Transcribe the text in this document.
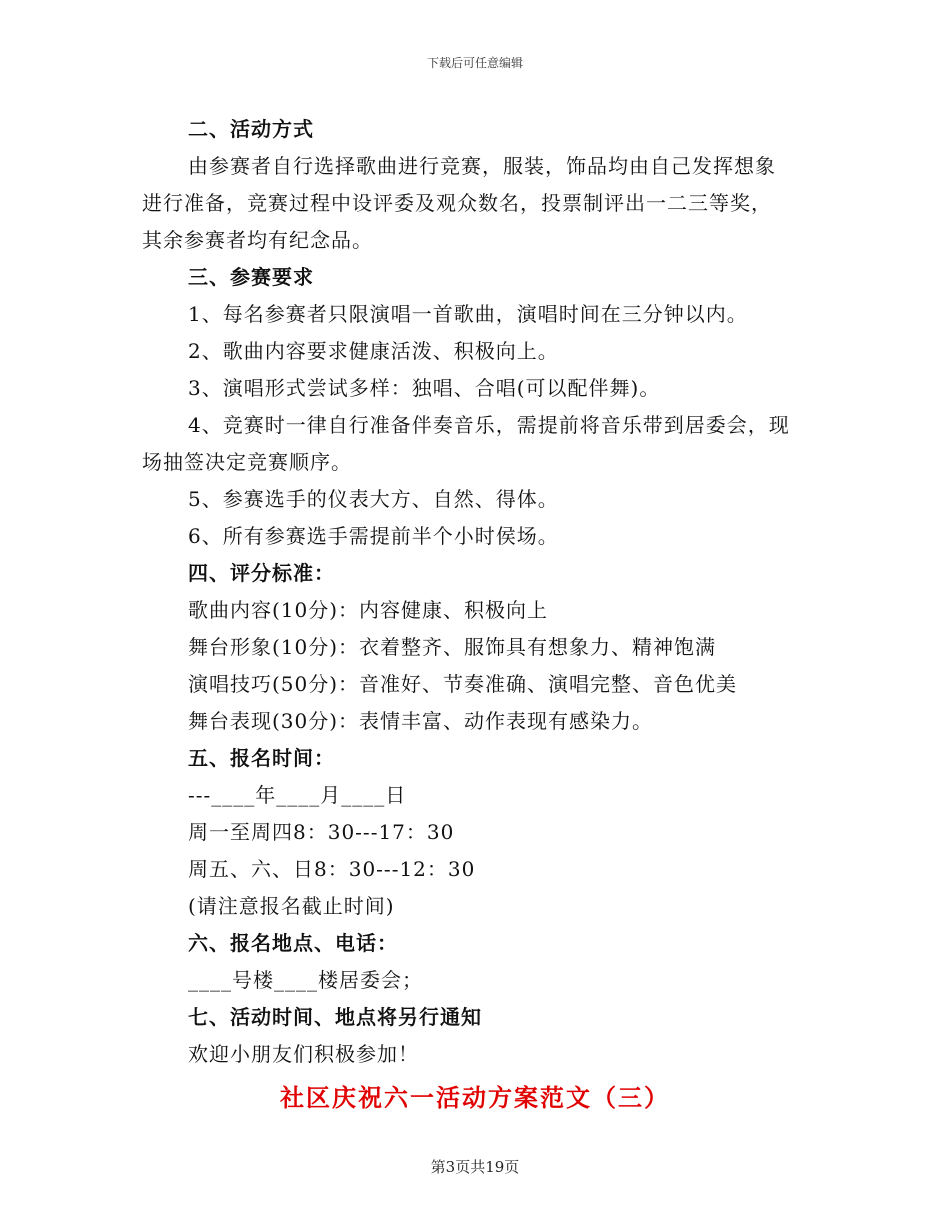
下载后可任意编辑
二、活动方式
由参赛者自行选择歌曲进行竞赛，服装，饰品均由自己发挥想象
进行准备，竞赛过程中设评委及观众数名，投票制评出一二三等奖，
其余参赛者均有纪念品。
三、参赛要求
1、每名参赛者只限演唱一首歌曲，演唱时间在三分钟以内。
2、歌曲内容要求健康活泼、积极向上。
3、演唱形式尝试多样：独唱、合唱(可以配伴舞)。
4、竞赛时一律自行准备伴奏音乐，需提前将音乐带到居委会，现
场抽签决定竞赛顺序。
5、参赛选手的仪表大方、自然、得体。
6、所有参赛选手需提前半个小时侯场。
四、评分标准：
歌曲内容(10分)：内容健康、积极向上
舞台形象(10分)：衣着整齐、服饰具有想象力、精神饱满
演唱技巧(50分)：音准好、节奏准确、演唱完整、音色优美
舞台表现(30分)：表情丰富、动作表现有感染力。
五、报名时间：
---____年____月____日
周一至周四8：30---17：30
周五、六、日8：30---12：30
(请注意报名截止时间)
六、报名地点、电话：
____号楼____楼居委会；
七、活动时间、地点将另行通知
欢迎小朋友们积极参加！
社区庆祝六一活动方案范文（三）
第3页共19页
